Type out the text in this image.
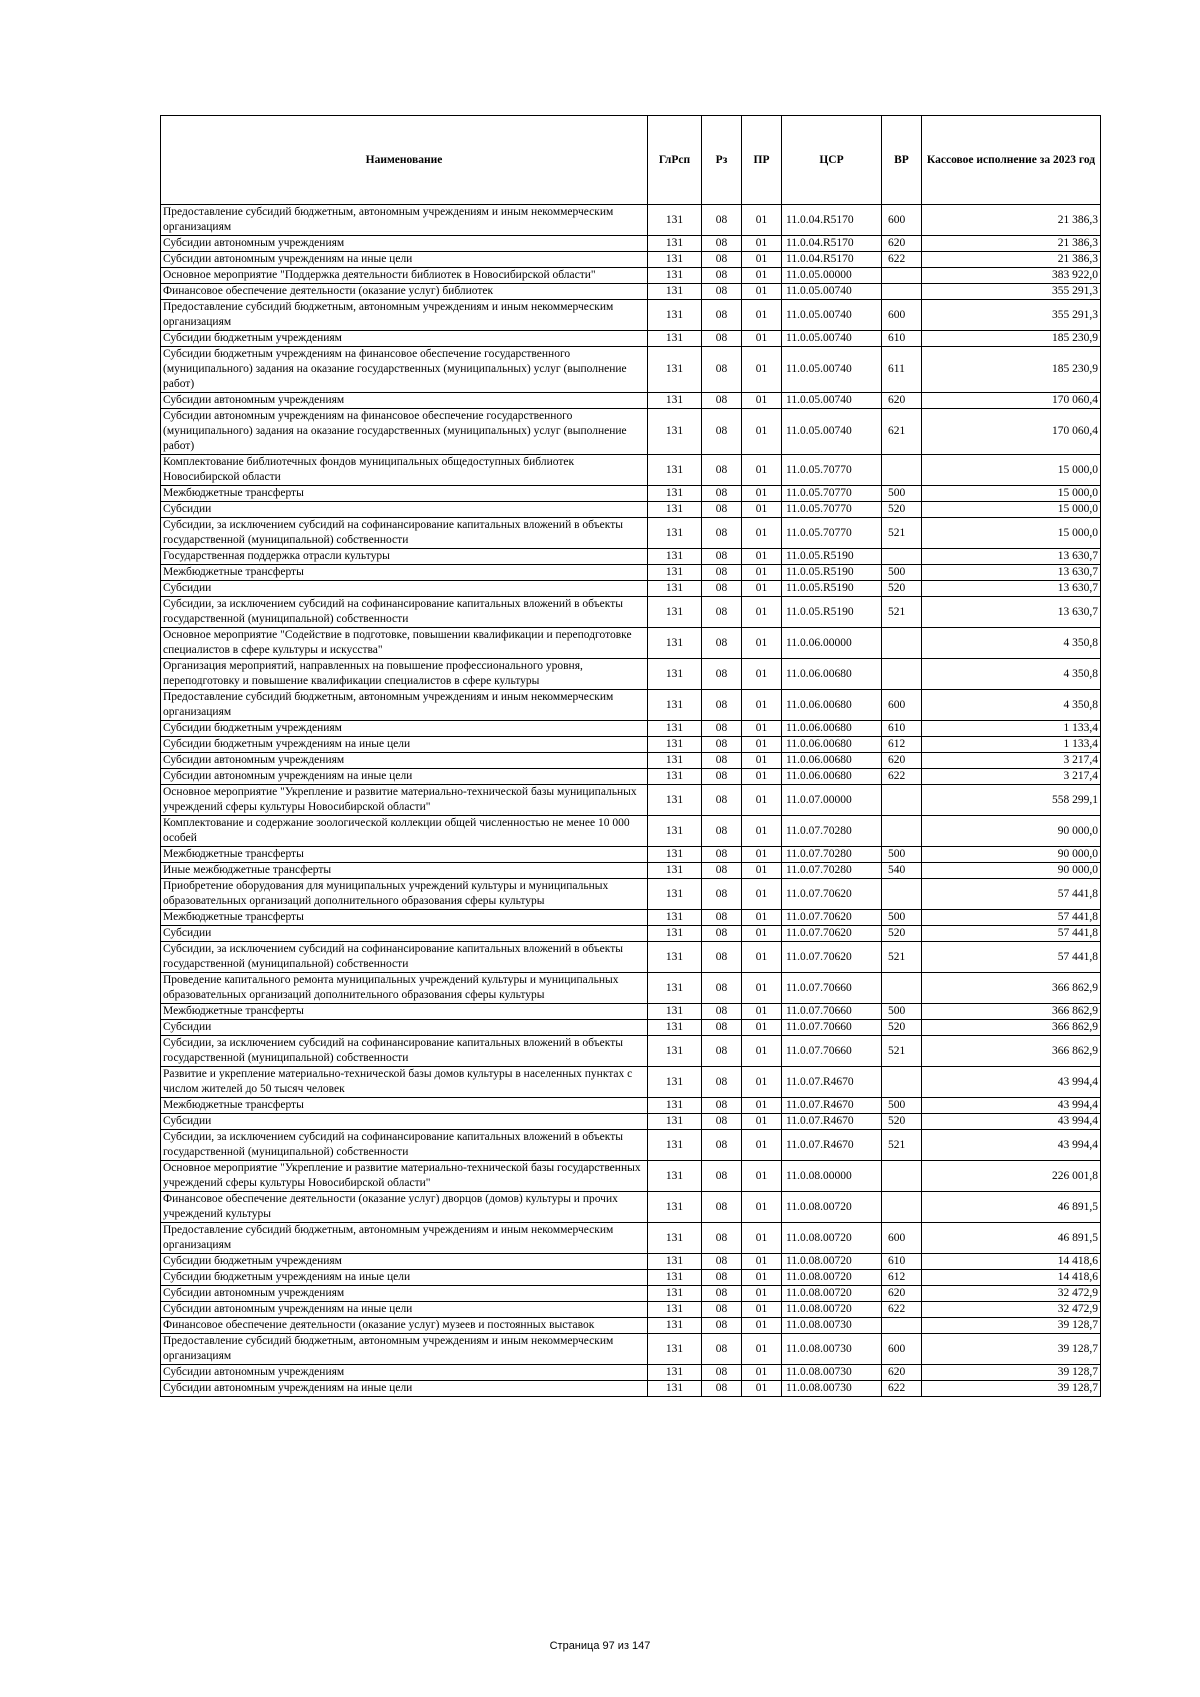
Наименование	ГлРсп	Рз	ПР	ЦСР	ВР	Кассовое исполнение за 2023 год
Предоставление субсидий бюджетным, автономным учреждениям и иным некоммерческим организациям	131	08	01	11.0.04.R5170	600	21 386,3
Субсидии автономным учреждениям	131	08	01	11.0.04.R5170	620	21 386,3
Субсидии автономным учреждениям на иные цели	131	08	01	11.0.04.R5170	622	21 386,3
Основное мероприятие "Поддержка деятельности библиотек в Новосибирской области"	131	08	01	11.0.05.00000		383 922,0
Финансовое обеспечение деятельности (оказание услуг) библиотек	131	08	01	11.0.05.00740		355 291,3
Предоставление субсидий бюджетным, автономным учреждениям и иным некоммерческим организациям	131	08	01	11.0.05.00740	600	355 291,3
Субсидии бюджетным учреждениям	131	08	01	11.0.05.00740	610	185 230,9
Субсидии бюджетным учреждениям на финансовое обеспечение государственного (муниципального) задания на оказание государственных (муниципальных) услуг (выполнение работ)	131	08	01	11.0.05.00740	611	185 230,9
Субсидии автономным учреждениям	131	08	01	11.0.05.00740	620	170 060,4
Субсидии автономным учреждениям на финансовое обеспечение государственного (муниципального) задания на оказание государственных (муниципальных) услуг (выполнение работ)	131	08	01	11.0.05.00740	621	170 060,4
Комплектование библиотечных фондов муниципальных общедоступных библиотек Новосибирской области	131	08	01	11.0.05.70770		15 000,0
Межбюджетные трансферты	131	08	01	11.0.05.70770	500	15 000,0
Субсидии	131	08	01	11.0.05.70770	520	15 000,0
Субсидии, за исключением субсидий на софинансирование капитальных вложений в объекты государственной (муниципальной) собственности	131	08	01	11.0.05.70770	521	15 000,0
Государственная поддержка отрасли культуры	131	08	01	11.0.05.R5190		13 630,7
Межбюджетные трансферты	131	08	01	11.0.05.R5190	500	13 630,7
Субсидии	131	08	01	11.0.05.R5190	520	13 630,7
Субсидии, за исключением субсидий на софинансирование капитальных вложений в объекты государственной (муниципальной) собственности	131	08	01	11.0.05.R5190	521	13 630,7
Основное мероприятие "Содействие в подготовке, повышении квалификации и переподготовке специалистов в сфере культуры и искусства"	131	08	01	11.0.06.00000		4 350,8
Организация мероприятий, направленных на повышение профессионального уровня, переподготовку и повышение квалификации специалистов в сфере культуры	131	08	01	11.0.06.00680		4 350,8
Предоставление субсидий бюджетным, автономным учреждениям и иным некоммерческим организациям	131	08	01	11.0.06.00680	600	4 350,8
Субсидии бюджетным учреждениям	131	08	01	11.0.06.00680	610	1 133,4
Субсидии бюджетным учреждениям на иные цели	131	08	01	11.0.06.00680	612	1 133,4
Субсидии автономным учреждениям	131	08	01	11.0.06.00680	620	3 217,4
Субсидии автономным учреждениям на иные цели	131	08	01	11.0.06.00680	622	3 217,4
Основное мероприятие "Укрепление и развитие материально-технической базы муниципальных учреждений сферы культуры Новосибирской области"	131	08	01	11.0.07.00000		558 299,1
Комплектование и содержание зоологической коллекции общей численностью не менее 10 000 особей	131	08	01	11.0.07.70280		90 000,0
Межбюджетные трансферты	131	08	01	11.0.07.70280	500	90 000,0
Иные межбюджетные трансферты	131	08	01	11.0.07.70280	540	90 000,0
Приобретение оборудования для муниципальных учреждений культуры и муниципальных образовательных организаций дополнительного образования сферы культуры	131	08	01	11.0.07.70620		57 441,8
Межбюджетные трансферты	131	08	01	11.0.07.70620	500	57 441,8
Субсидии	131	08	01	11.0.07.70620	520	57 441,8
Субсидии, за исключением субсидий на софинансирование капитальных вложений в объекты государственной (муниципальной) собственности	131	08	01	11.0.07.70620	521	57 441,8
Проведение капитального ремонта муниципальных учреждений культуры и муниципальных образовательных организаций дополнительного образования сферы культуры	131	08	01	11.0.07.70660		366 862,9
Межбюджетные трансферты	131	08	01	11.0.07.70660	500	366 862,9
Субсидии	131	08	01	11.0.07.70660	520	366 862,9
Субсидии, за исключением субсидий на софинансирование капитальных вложений в объекты государственной (муниципальной) собственности	131	08	01	11.0.07.70660	521	366 862,9
Развитие и укрепление материально-технической базы домов культуры в населенных пунктах с числом жителей до 50 тысяч человек	131	08	01	11.0.07.R4670		43 994,4
Межбюджетные трансферты	131	08	01	11.0.07.R4670	500	43 994,4
Субсидии	131	08	01	11.0.07.R4670	520	43 994,4
Субсидии, за исключением субсидий на софинансирование капитальных вложений в объекты государственной (муниципальной) собственности	131	08	01	11.0.07.R4670	521	43 994,4
Основное мероприятие "Укрепление и развитие материально-технической базы государственных учреждений сферы культуры Новосибирской области"	131	08	01	11.0.08.00000		226 001,8
Финансовое обеспечение деятельности (оказание услуг) дворцов (домов) культуры и прочих учреждений культуры	131	08	01	11.0.08.00720		46 891,5
Предоставление субсидий бюджетным, автономным учреждениям и иным некоммерческим организациям	131	08	01	11.0.08.00720	600	46 891,5
Субсидии бюджетным учреждениям	131	08	01	11.0.08.00720	610	14 418,6
Субсидии бюджетным учреждениям на иные цели	131	08	01	11.0.08.00720	612	14 418,6
Субсидии автономным учреждениям	131	08	01	11.0.08.00720	620	32 472,9
Субсидии автономным учреждениям на иные цели	131	08	01	11.0.08.00720	622	32 472,9
Финансовое обеспечение деятельности (оказание услуг) музеев и постоянных выставок	131	08	01	11.0.08.00730		39 128,7
Предоставление субсидий бюджетным, автономным учреждениям и иным некоммерческим организациям	131	08	01	11.0.08.00730	600	39 128,7
Субсидии автономным учреждениям	131	08	01	11.0.08.00730	620	39 128,7
Субсидии автономным учреждениям на иные цели	131	08	01	11.0.08.00730	622	39 128,7
Страница 97 из 147
